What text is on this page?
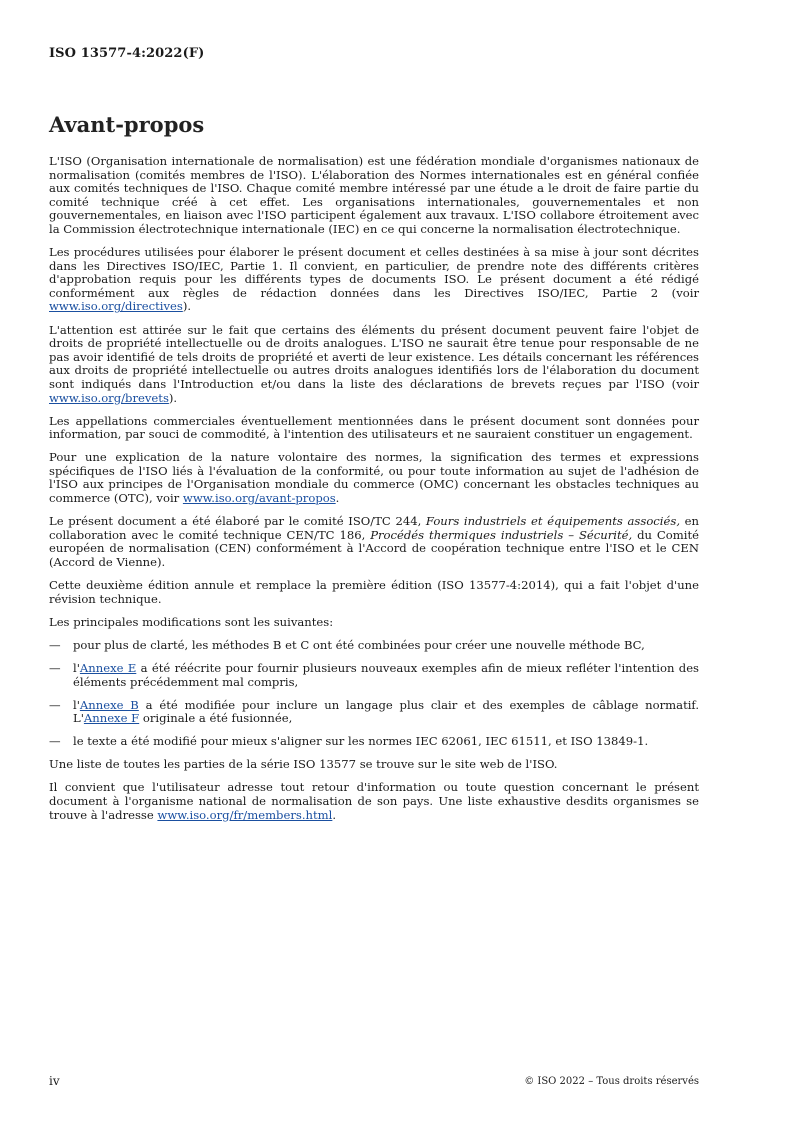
ISO 13577-4:2022(F)
Avant-propos

L'ISO (Organisation internationale de normalisation) est une fédération mondiale d'organismes nationaux de normalisation (comités membres de l'ISO). L'élaboration des Normes internationales est en général confiée aux comités techniques de l'ISO. Chaque comité membre intéressé par une étude a le droit de faire partie du comité technique créé à cet effet. Les organisations internationales, gouvernementales et non gouvernementales, en liaison avec l'ISO participent également aux travaux. L'ISO collabore étroitement avec la Commission électrotechnique internationale (IEC) en ce qui concerne la normalisation électrotechnique.

Les procédures utilisées pour élaborer le présent document et celles destinées à sa mise à jour sont décrites dans les Directives ISO/IEC, Partie 1. Il convient, en particulier, de prendre note des différents critères d'approbation requis pour les différents types de documents ISO. Le présent document a été rédigé conformément aux règles de rédaction données dans les Directives ISO/IEC, Partie 2 (voir www.iso.org/directives).

L'attention est attirée sur le fait que certains des éléments du présent document peuvent faire l'objet de droits de propriété intellectuelle ou de droits analogues. L'ISO ne saurait être tenue pour responsable de ne pas avoir identifié de tels droits de propriété et averti de leur existence. Les détails concernant les références aux droits de propriété intellectuelle ou autres droits analogues identifiés lors de l'élaboration du document sont indiqués dans l'Introduction et/ou dans la liste des déclarations de brevets reçues par l'ISO (voir www.iso.org/brevets).

Les appellations commerciales éventuellement mentionnées dans le présent document sont données pour information, par souci de commodité, à l'intention des utilisateurs et ne sauraient constituer un engagement.

Pour une explication de la nature volontaire des normes, la signification des termes et expressions spécifiques de l'ISO liés à l'évaluation de la conformité, ou pour toute information au sujet de l'adhésion de l'ISO aux principes de l'Organisation mondiale du commerce (OMC) concernant les obstacles techniques au commerce (OTC), voir www.iso.org/avant-propos.

Le présent document a été élaboré par le comité ISO/TC 244, Fours industriels et équipements associés, en collaboration avec le comité technique CEN/TC 186, Procédés thermiques industriels – Sécurité, du Comité européen de normalisation (CEN) conformément à l'Accord de coopération technique entre l'ISO et le CEN (Accord de Vienne).

Cette deuxième édition annule et remplace la première édition (ISO 13577-4:2014), qui a fait l'objet d'une révision technique.

Les principales modifications sont les suivantes:

—	pour plus de clarté, les méthodes B et C ont été combinées pour créer une nouvelle méthode BC,

—	l'Annexe E a été réécrite pour fournir plusieurs nouveaux exemples afin de mieux refléter l'intention des éléments précédemment mal compris,

—	l'Annexe B a été modifiée pour inclure un langage plus clair et des exemples de câblage normatif. L'Annexe F originale a été fusionnée,

—	le texte a été modifié pour mieux s'aligner sur les normes IEC 62061, IEC 61511, et ISO 13849-1.

Une liste de toutes les parties de la série ISO 13577 se trouve sur le site web de l'ISO.

Il convient que l'utilisateur adresse tout retour d'information ou toute question concernant le présent document à l'organisme national de normalisation de son pays. Une liste exhaustive desdits organismes se trouve à l'adresse www.iso.org/fr/members.html.

iv	© ISO 2022 – Tous droits réservés
